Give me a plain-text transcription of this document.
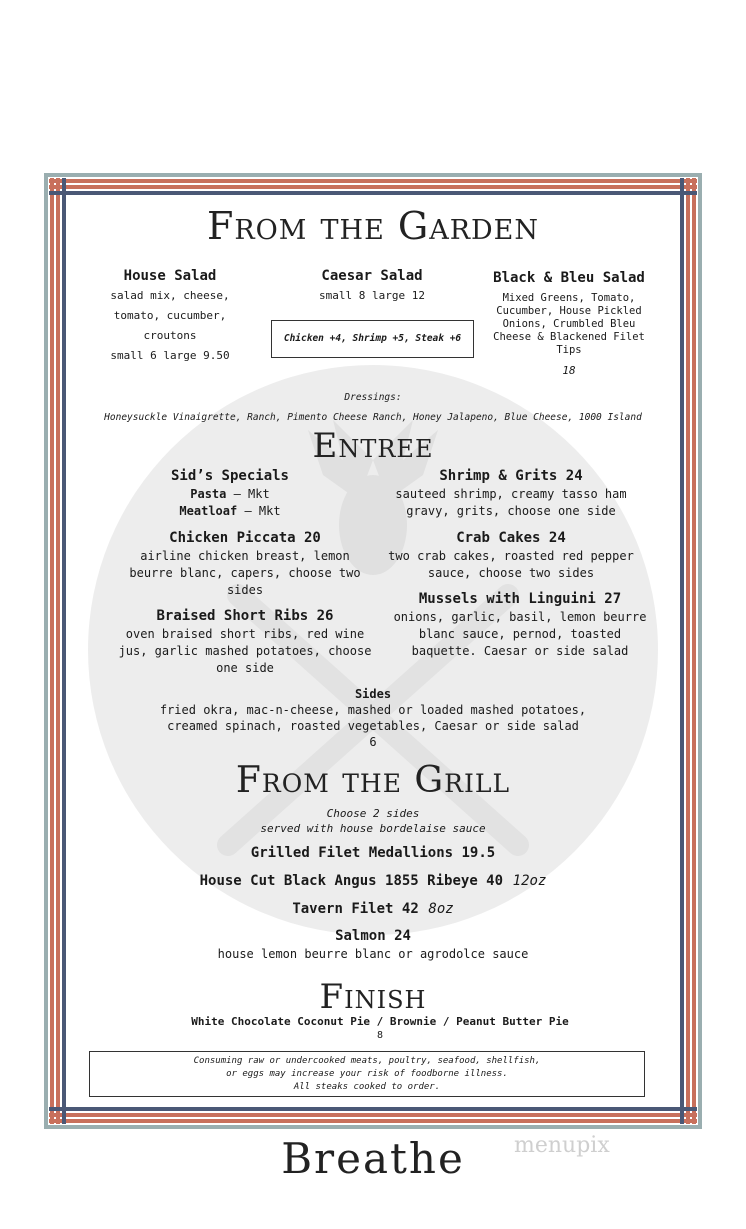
From the Garden
House Salad
salad mix, cheese,
tomato, cucumber,
croutons
small 6 large 9.50
Caesar Salad
small 8 large 12
Chicken +4, Shrimp +5, Steak +6
Black & Bleu Salad
Mixed Greens, Tomato,
Cucumber, House Pickled
Onions, Crumbled Bleu
Cheese & Blackened Filet
Tips
18
Dressings:
Honeysuckle Vinaigrette, Ranch, Pimento Cheese Ranch, Honey Jalapeno, Blue Cheese, 1000 Island
Entree
Sid’s Specials
Pasta – Mkt
Meatloaf – Mkt
Shrimp & Grits 24
sauteed shrimp, creamy tasso ham
gravy, grits, choose one side
Chicken Piccata 20
airline chicken breast, lemon
beurre blanc, capers, choose two
sides
Crab Cakes 24
two crab cakes, roasted red pepper
sauce, choose two sides
Braised Short Ribs 26
oven braised short ribs, red wine
jus, garlic mashed potatoes, choose
one side
Mussels with Linguini 27
onions, garlic, basil, lemon beurre
blanc sauce, pernod, toasted
baquette. Caesar or side salad
Sides
fried okra, mac-n-cheese, mashed or loaded mashed potatoes,
creamed spinach, roasted vegetables, Caesar or side salad
6
From the Grill
Choose 2 sides
served with house bordelaise sauce
Grilled Filet Medallions 19.5
House Cut Black Angus 1855 Ribeye 40 12oz
Tavern Filet 42 8oz
Salmon 24
house lemon beurre blanc or agrodolce sauce
Finish
White Chocolate Coconut Pie / Brownie / Peanut Butter Pie
8
Consuming raw or undercooked meats, poultry, seafood, shellfish,
or eggs may increase your risk of foodborne illness.
All steaks cooked to order.
Breathe	menupix
